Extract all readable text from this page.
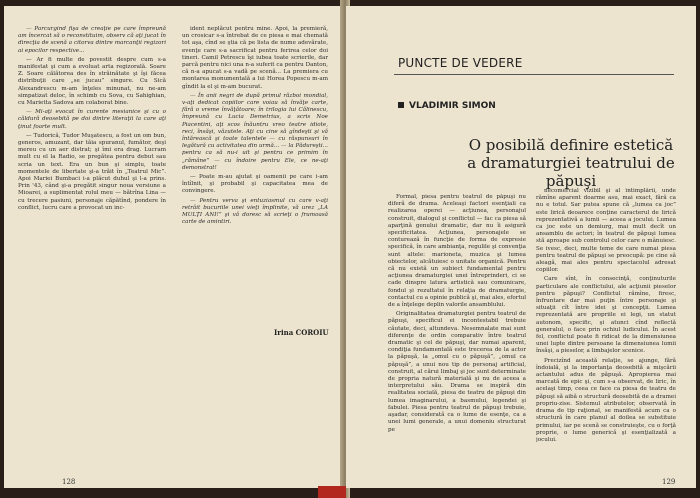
— Parcurgind fişa de creaţie pe care împreună am încercat să o reconstituim, observ că aţi jucat în direcţia de scenă a citorva dintre marcanţii regizori ai epocilor respective...

— Ar fi multe de povestit despre cum s-a manifestat şi cum a evoluat arta regizorală. Soare Z. Soare călătorea des în străinătate şi îşi făcea distribuţii care „se jucau” singure. Cu Sică Alexandrescu m-am înţeles minunat, nu ne-am simpatizat deloc, în schimb cu Sova, cu Sahighian, cu Marietta Sadova am colaborat bine.

— Mi-aţi evocat în curente mesianice şi cu o căldură deosebită pe doi dintre literaţii la care aţi ţinut foarte mult.

— Tudorică, Tudor Muşatescu, a fost un om bun, generos, amuzant, dar tăia spuranul, fumător, deşi mereu cu un aer distrat; şi îmi era drag. Lucram mult cu el la Radio, se pregătea pentru debut sau scria un text. Era un bun şi simplu, toate momentele de libertate şi-a trăit în „Teatrul Mic”. Apoi Mariei Bumbaci i-a plăcut duhul şi l-a prins. Prin '43, când şi-a pregătit singur noua versiune a Mioarei, a suplimentat rolul meu — bătrîna Lina — cu trecere pasiuni, personaje căpătînd, pondere în conflict, lucru care a provocat un inc-

ident neplăcut pentru mine. Apoi, la premieră, un crosicar s-a întrebat de ce piesa e mai chemată tot aşa, cînd se ştia că pe lista de nume adevărate, evenţe care s-a sacrificat pentru ferirea celor doi tineri. Camil Petrescu îşi iubea toate scrierile, dar parcă pentru nici una n-a suferit ca pentru Danton, că n-a apucat s-a vadă pe scenă... La premiera cu montarea monumentală a lui Horea Popescu m-am gîndit la el şi m-am bucurat.

— În anii negri de după primul război mondial, v-aţi dedicat copiilor care voiau să învăţe carte, fără o vreme învăţătoare; în trilogia lui Călinescu, împreună cu Lucia Demetrius, a scris Noe Piacentini, aţi scos înăuntru vreo teatre idiote, reci, însăşi, văzutele. Aţi cu cine să gîndeşti şi vă întărească şi toate talentele — cu răspunsuri în legătură cu activitatea din urmă... — la Pădureşti... pentru ca să nu-i uit şi pentru ce primim în „rămâne” — cu îndoire pentru Ele, ce ne-aţi demonstrat!

— Poate m-au ajutat şi oamenii pe care i-am întîlnit, şi probabil şi capacitatea mea de convingere.

— Pentru verva şi entuziasmul cu care v-aţi retrăit bucuriile unei vieţi împlinite, vă urez „LA MULŢI ANI!” şi vă doresc să scrieţi o frumoasă carte de amintiri.

Irina COROIU
128
PUNCTE DE VEDERE
VLADIMIR SIMON
O posibilă definire estetică
a dramaturgiei teatrului de păpuşi

Formal, piesa pentru teatrul de păpuşi nu diferă de drama. Aceleaşi factori esenţiali ca realizarea operei — acţiunea, personajul construit, dialogul şi conflictul — fac ca piesa să aparţină genului dramatic, dar nu îi asigură specificitatea. Acţiunea, personajele se conturează în funcţie de forma de expresie specifică, în care ambianţa, regulile şi convenţia sunt altele: marioneta, muzica şi lumea obiectelor, alcătuiesc o unitate organică. Pentru că nu există un subiect fundamental pentru acţiunea dramaturgiei unei întreprinderi, ci se cade dinspre latura artistică sau comunicare, fondul şi rezultatul în relaţia de dramaturgie, contactul cu a opinie publică şi, mai ales, efortul de a înţelege deplin valorile ansamblului.

Originalitatea dramaturgiei pentru teatrul de păpuşi, specificul ei incontestabil trebuie căutate, deci, altundeva. Nesemnalate mai sunt diferenţe de ordin comparativ între teatrul dramatic şi cel de păpuşi, dar numai aparent, condiţia fundamentală este trecerea de la actor la păpuşă, la „omul cu o păpuşă”, „omul ca păpuşă”, a unui nou tip de personaj artificial, construit, al cărui limbaj şi joc sunt determinate de propria natură materială şi nu de aceea a interpretului său. Drama se inspiră din realitatea socială, piesa de teatru de păpuşi din lumea imaginarului, a basmului, legendei şi fabulei. Piesa pentru teatrul de păpuşi trebuie, aşadar, considerată ca o lume de esenţe, ca a unei lumi generale, a unui domeniu structurat pe

necomercial vizibil şi al întimplării, unde rămîne aparent doarme asu, mai exact, fără ca nu e totul. Sar putea spune că „lumea ca joc” este lirică deoarece conţine caracterul de lirică reprezentativă a lumii — aceea a jocului. Lumea ca joc este un demiurg, mai mult decît un ansamblu de actori; în teatrul de păpuşi lumea stă aproape sub controlul celor care o mânuiesc. Se ivesc, deci, multe teme de care numai piesa pentru teatrul de păpuşi se preocupă: pe cine să aleagă, mai ales pentru spectacolul adresat copiilor.

Care sînt, în consecinţă, conţinuturile particulare ale conflictului, ale acţiunii pieselor pentru păpuşi? Conflictul rămîne, firesc, înfruntare dar mai puţin între personaje şi situaţii cît între idei şi concepţii. Lumea reprezentată are propriile ei legi, un statut autonom, specific, şi atunci cînd reflectă generalul, o face prin ochiul ludicului. În acest fel, conflictul poate fi ridicat de la dimensiunea unei lupte dintre persoane la dimensiunea lumii însăşi, a pieselor, a limbajelor scenice.

Precizînd această relaţie, se ajunge, fără îndoială, şi la importanţa deosebită a mişcării actantului adus de păpuşă. Apropierea mai marcată de epic şi, cum s-a observat, de liric, în acelaşi timp, ceea ce face ca piesa de teatru de păpuşi să aibă o structură deosebită de a dramei propriu-zise. Sistemul atributelor, observată în drama de tip raţional, se manifestă acum ca o structură în care planul al doilea se substituie primului, iar pe scenă se construieşte, cu o forţă proprie, o lume generică şi esenţializată a jocului.

129
